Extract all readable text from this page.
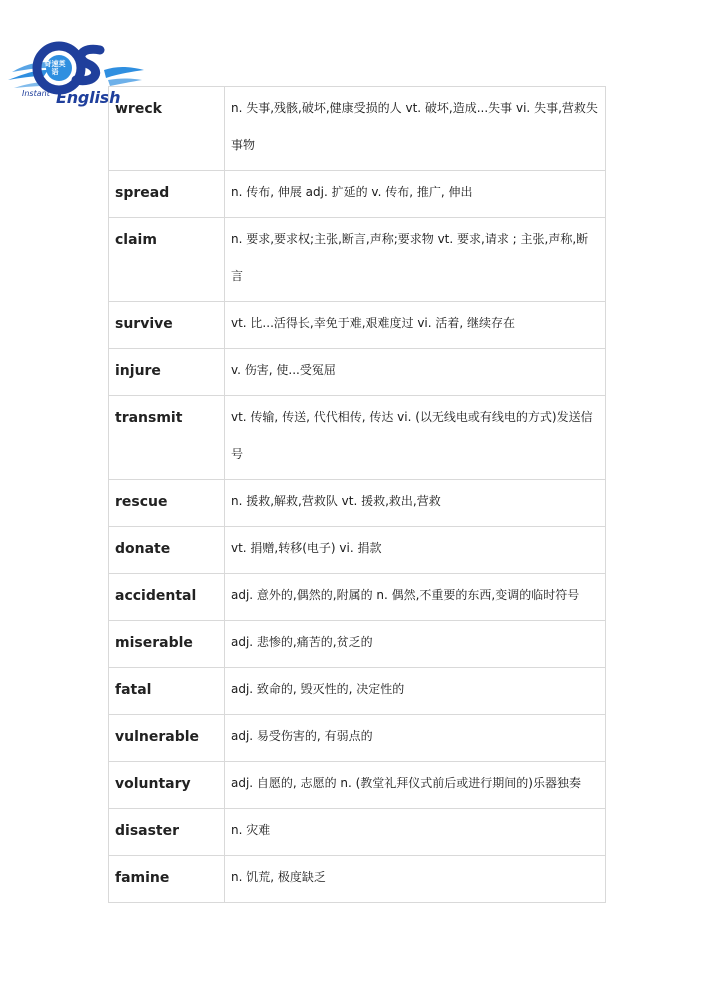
奇速英语
Instant English
wreck	n. 失事,残骸,破坏,健康受损的人 vt. 破坏,造成...失事 vi. 失事,营救失事物

spread	n. 传布, 伸展 adj. 扩延的 v. 传布, 推广, 伸出

claim	n. 要求,要求权;主张,断言,声称;要求物 vt. 要求,请求 ; 主张,声称,断言

survive	vt. 比...活得长,幸免于难,艰难度过 vi. 活着, 继续存在

injure	v. 伤害, 使...受冤屈

transmit	vt. 传输, 传送, 代代相传, 传达 vi. (以无线电或有线电的方式)发送信号

rescue	n. 援救,解救,营救队 vt. 援救,救出,营救

donate	vt. 捐赠,转移(电子) vi. 捐款

accidental	adj. 意外的,偶然的,附属的 n. 偶然,不重要的东西,变调的临时符号

miserable	adj. 悲惨的,痛苦的,贫乏的

fatal	adj. 致命的, 毁灭性的, 决定性的

vulnerable	adj. 易受伤害的, 有弱点的

voluntary	adj. 自愿的, 志愿的 n. (教堂礼拜仪式前后或进行期间的)乐器独奏

disaster	n. 灾难

famine	n. 饥荒, 极度缺乏
